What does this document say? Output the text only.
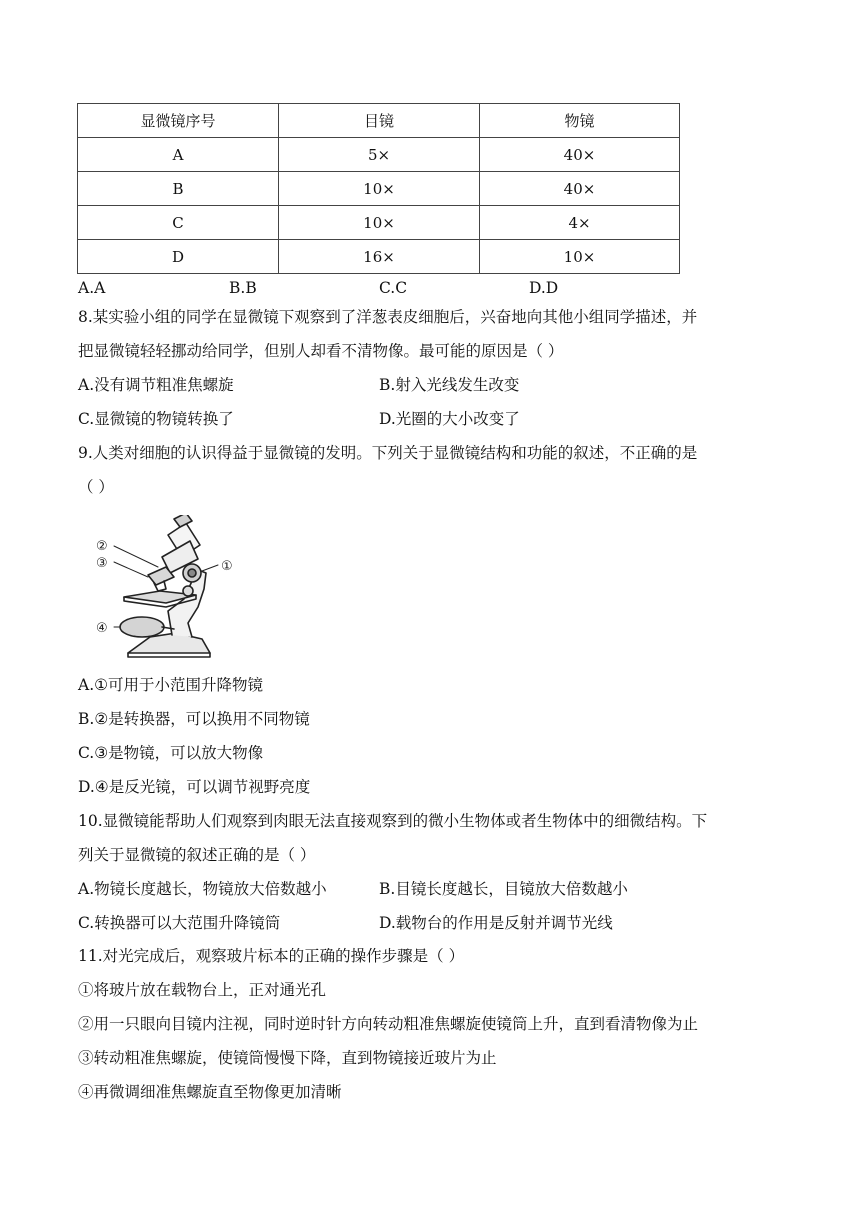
显微镜序号	目镜	物镜
A	5×	40×
B	10×	40×
C	10×	4×
D	16×	10×
A.A	B.B	C.C	D.D
8.某实验小组的同学在显微镜下观察到了洋葱表皮细胞后，兴奋地向其他小组同学描述，并
把显微镜轻轻挪动给同学，但别人却看不清物像。最可能的原因是（ ）
A.没有调节粗准焦螺旋	B.射入光线发生改变
C.显微镜的物镜转换了	D.光圈的大小改变了
9.人类对细胞的认识得益于显微镜的发明。下列关于显微镜结构和功能的叙述，不正确的是
（ ）
①
②
③
④
A.①可用于小范围升降物镜
B.②是转换器，可以换用不同物镜
C.③是物镜，可以放大物像
D.④是反光镜，可以调节视野亮度
10.显微镜能帮助人们观察到肉眼无法直接观察到的微小生物体或者生物体中的细微结构。下
列关于显微镜的叙述正确的是（ ）
A.物镜长度越长，物镜放大倍数越小	B.目镜长度越长，目镜放大倍数越小
C.转换器可以大范围升降镜筒	D.载物台的作用是反射并调节光线
11.对光完成后，观察玻片标本的正确的操作步骤是（ ）
①将玻片放在载物台上，正对通光孔
②用一只眼向目镜内注视，同时逆时针方向转动粗准焦螺旋使镜筒上升，直到看清物像为止
③转动粗准焦螺旋，使镜筒慢慢下降，直到物镜接近玻片为止
④再微调细准焦螺旋直至物像更加清晰
